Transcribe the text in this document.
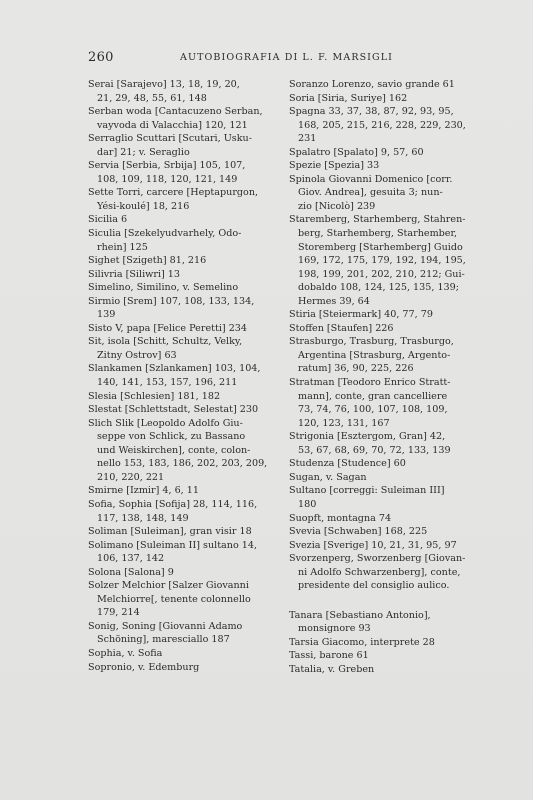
260	AUTOBIOGRAFIA DI L. F. MARSIGLI
Serai [Sarajevo] 13, 18, 19, 20,
21, 29, 48, 55, 61, 148
Serban woda [Cantacuzeno Serban,
vayvoda di Valacchia] 120, 121
Serraglio Scuttari [Scutari, Usku-
dar] 21; v. Seraglio
Servia [Serbia, Srbija] 105, 107,
108, 109, 118, 120, 121, 149
Sette Torri, carcere [Heptapurgon,
Yési-koulé] 18, 216
Sicilia 6
Siculia [Szekelyudvarhely, Odo-
rhein] 125
Sighet [Szigeth] 81, 216
Silivria [Siliwri] 13
Simelino, Similino, v. Semelino
Sirmio [Srem] 107, 108, 133, 134,
139
Sisto V, papa [Felice Peretti] 234
Sit, isola [Schitt, Schultz, Velky,
Zitny Ostrov] 63
Slankamen [Szlankamen] 103, 104,
140, 141, 153, 157, 196, 211
Slesia [Schlesien] 181, 182
Slestat [Schlettstadt, Selestat] 230
Slich Slik [Leopoldo Adolfo Giu-
seppe von Schlick, zu Bassano
und Weiskirchen], conte, colon-
nello 153, 183, 186, 202, 203, 209,
210, 220, 221
Smirne [Izmir] 4, 6, 11
Sofia, Sophia [Sofija] 28, 114, 116,
117, 138, 148, 149
Soliman [Suleiman], gran visir 18
Solimano [Suleiman II] sultano 14,
106, 137, 142
Solona [Salona] 9
Solzer Melchior [Salzer Giovanni
Melchiorre[, tenente colonnello
179, 214
Sonig, Soning [Giovanni Adamo
Schöning], maresciallo 187
Sophia, v. Sofia
Sopronio, v. Edemburg
Soranzo Lorenzo, savio grande 61
Soria [Siria, Suriye] 162
Spagna 33, 37, 38, 87, 92, 93, 95,
168, 205, 215, 216, 228, 229, 230,
231
Spalatro [Spalato] 9, 57, 60
Spezie [Spezia] 33
Spinola Giovanni Domenico [corr.
Giov. Andrea], gesuita 3; nun-
zio [Nicolò] 239
Staremberg, Starhemberg, Stahren-
berg, Starhemberg, Starhember,
Storemberg [Starhemberg] Guido
169, 172, 175, 179, 192, 194, 195,
198, 199, 201, 202, 210, 212; Gui-
dobaldo 108, 124, 125, 135, 139;
Hermes 39, 64
Stiria [Steiermark] 40, 77, 79
Stoffen [Staufen] 226
Strasburgo, Trasburg, Trasburgo,
Argentina [Strasburg, Argento-
ratum] 36, 90, 225, 226
Stratman [Teodoro Enrico Stratt-
mann], conte, gran cancelliere
73, 74, 76, 100, 107, 108, 109,
120, 123, 131, 167
Strigonia [Esztergom, Gran] 42,
53, 67, 68, 69, 70, 72, 133, 139
Studenza [Studence] 60
Sugan, v. Sagan
Sultano [correggi: Suleiman III]
180
Suopft, montagna 74
Svevia [Schwaben] 168, 225
Svezia [Sverige] 10, 21, 31, 95, 97
Svorzenperg, Sworzenberg [Giovan-
ni Adolfo Schwarzenberg], conte,
presidente del consiglio aulico.
Tanara [Sebastiano Antonio],
monsignore 93
Tarsia Giacomo, interprete 28
Tassi, barone 61
Tatalia, v. Greben
